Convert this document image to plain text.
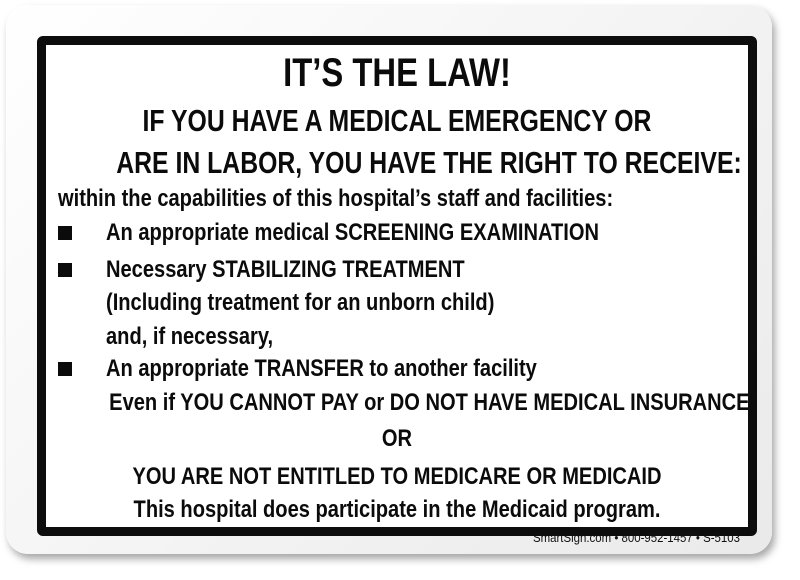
IT’S THE LAW!
IF YOU HAVE A MEDICAL EMERGENCY OR
ARE IN LABOR, YOU HAVE THE RIGHT TO RECEIVE:
within the capabilities of this hospital’s staff and facilities:
An appropriate medical SCREENING EXAMINATION
Necessary STABILIZING TREATMENT
(Including treatment for an unborn child)
and, if necessary,
An appropriate TRANSFER to another facility
Even if YOU CANNOT PAY or DO NOT HAVE MEDICAL INSURANCE
OR
YOU ARE NOT ENTITLED TO MEDICARE OR MEDICAID
This hospital does participate in the Medicaid program.
SmartSign.com • 800-952-1457 • S-5103
